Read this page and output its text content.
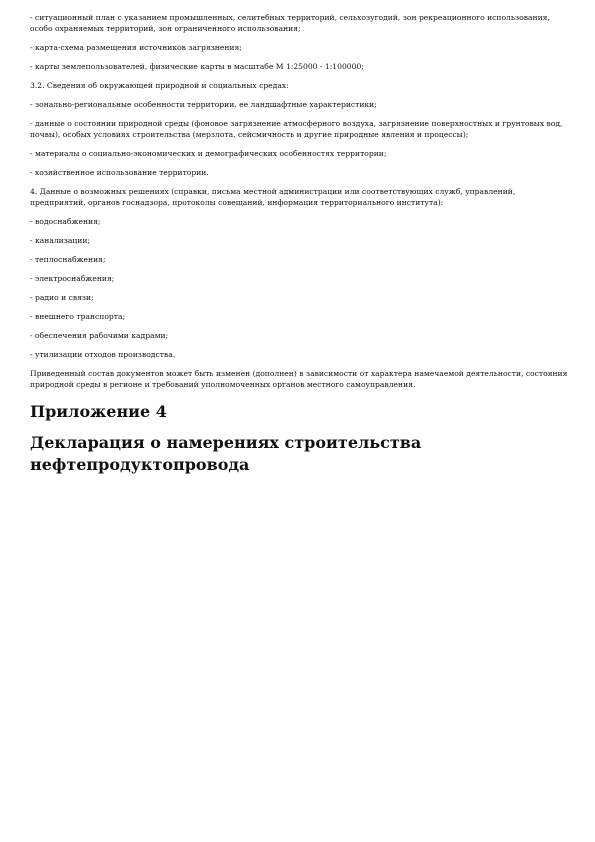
- ситуационный план с указанием промышленных, селитебных территорий, сельхозугодий, зон рекреационного использования, особо охраняемых территорий, зон ограниченного использования;

- карта-схема размещения источников загрязнения;

- карты землепользователей, физические карты в масштабе М 1:25000 - 1:100000;

3.2. Сведения об окружающей природной и социальных средах:

- зонально-региональные особенности территории, ее ландшафтные характеристики;

- данные о состоянии природной среды (фоновое загрязнение атмосферного воздуха, загрязнение поверхностных и грунтовых вод, почвы), особых условиях строительства (мерзлота, сейсмичность и другие природные явления и процессы);

- материалы о социально-экономических и демографических особенностях территории;

- хозяйственное использование территории.

4. Данные о возможных решениях (справки, письма местной администрации или соответствующих служб, управлений, предприятий, органов госнадзора, протоколы совещаний, информация территориального института):

- водоснабжения;

- канализации;

- теплоснабжения;

- электроснабжения;

- радио и связи;

- внешнего транспорта;

- обеспечения рабочими кадрами;

- утилизации отходов производства.

Приведенный состав документов может быть изменен (дополнен) в зависимости от характера намечаемой деятельности, состояния природной среды в регионе и требований уполномоченных органов местного самоуправления.

Приложение 4
Декларация о намерениях строительства нефтепродуктопровода
